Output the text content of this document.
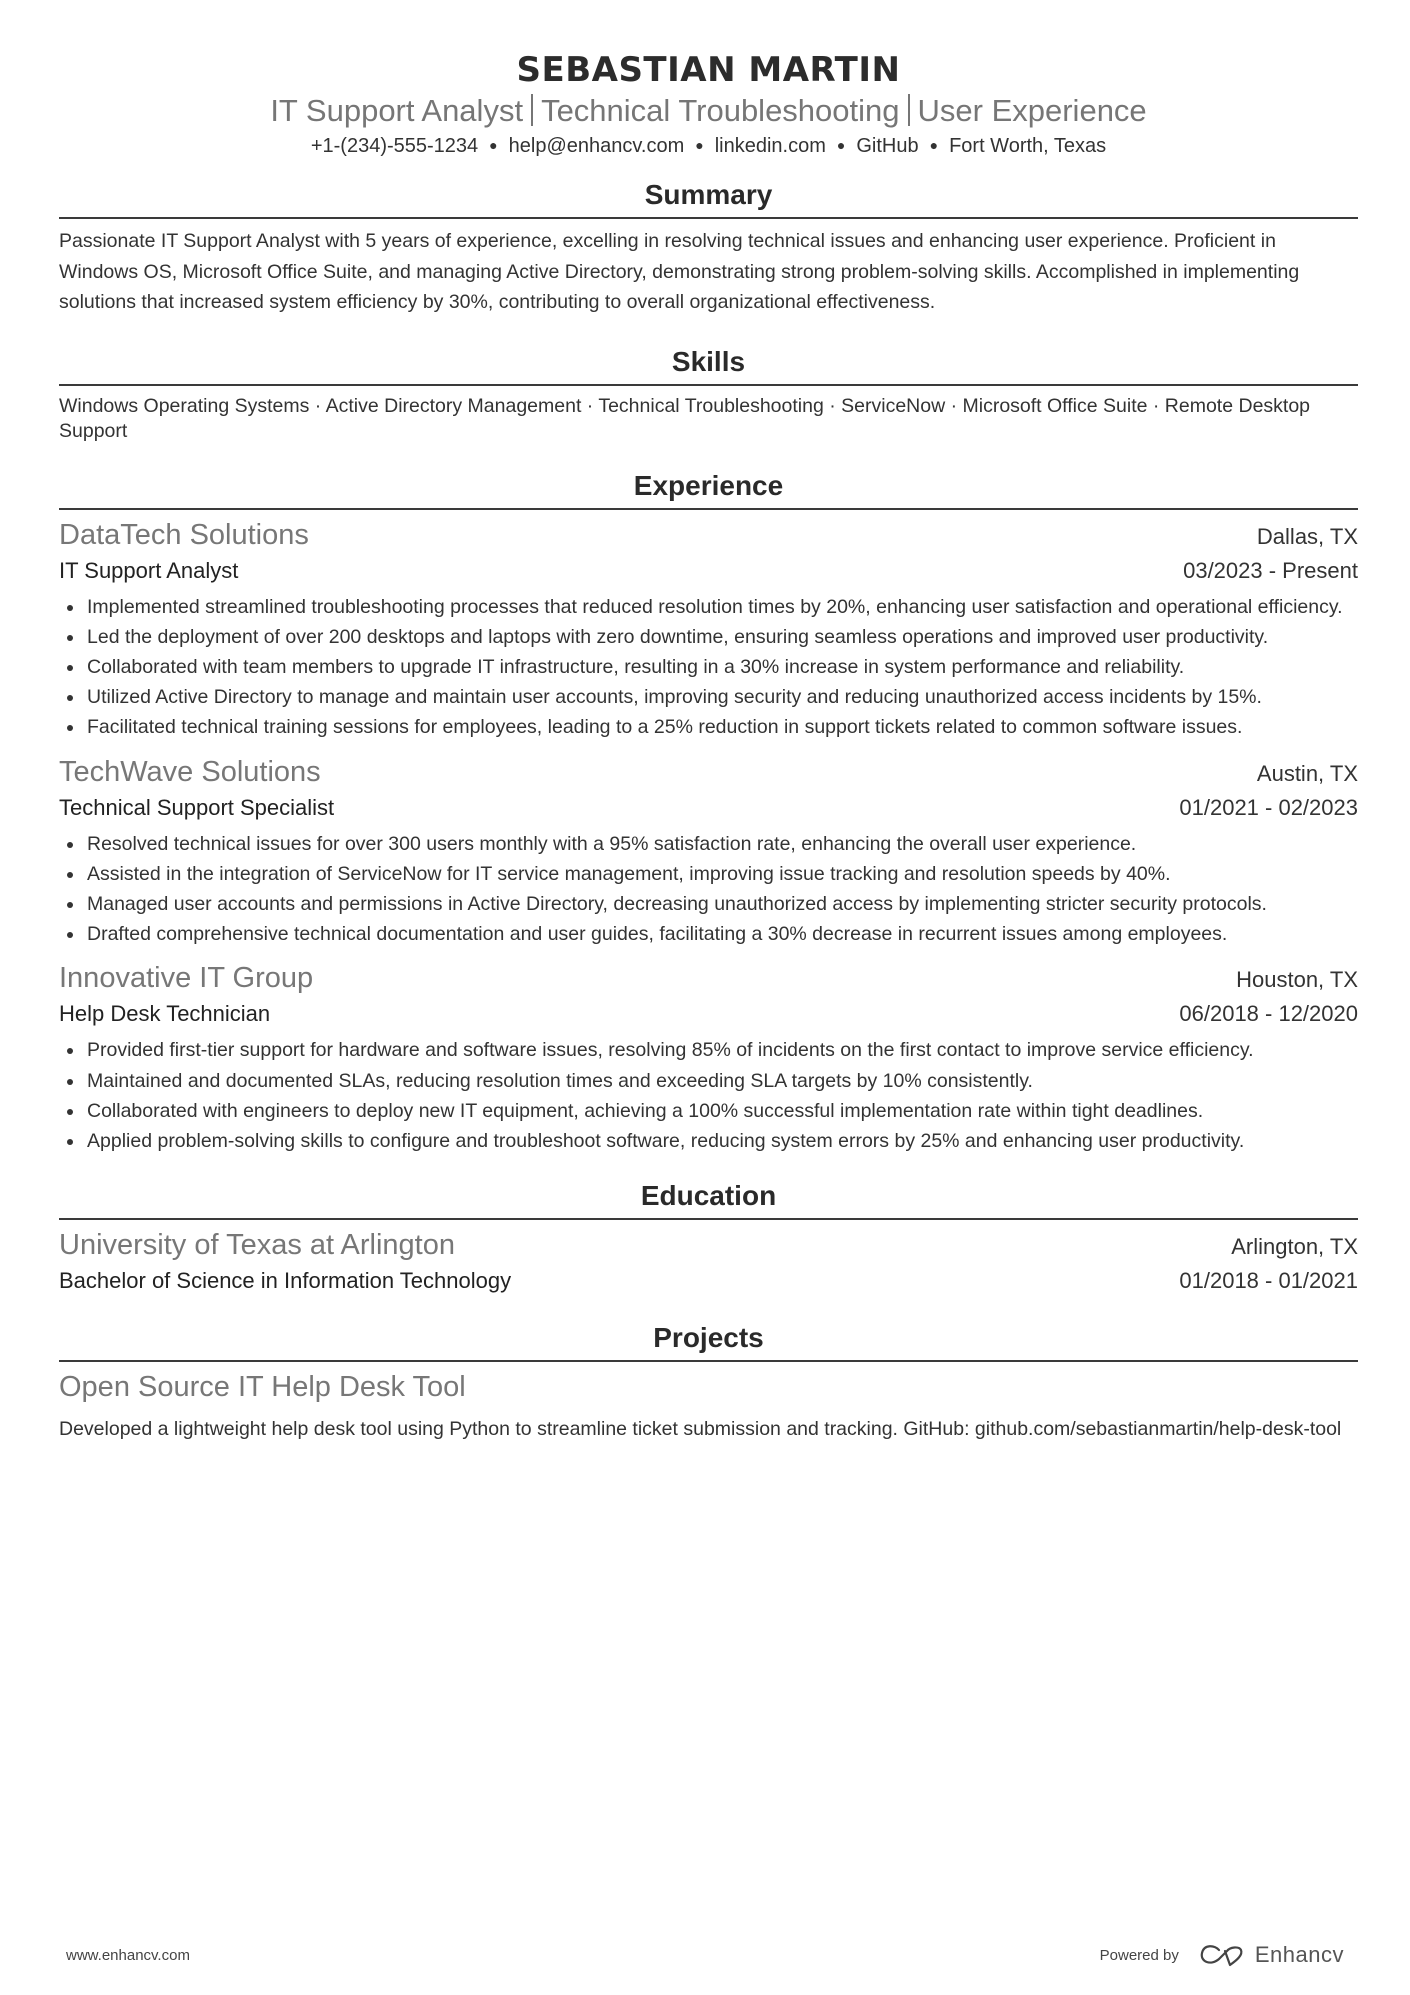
SEBASTIAN MARTIN
IT Support Analyst Technical Troubleshooting User Experience
+1-(234)-555-1234 ● help@enhancv.com ● linkedin.com ● GitHub ● Fort Worth, Texas
Summary

Passionate IT Support Analyst with 5 years of experience, excelling in resolving technical issues and enhancing user experience. Proficient in Windows OS, Microsoft Office Suite, and managing Active Directory, demonstrating strong problem-solving skills. Accomplished in implementing solutions that increased system efficiency by 30%, contributing to overall organizational effectiveness.

Skills

Windows Operating Systems · Active Directory Management · Technical Troubleshooting · ServiceNow · Microsoft Office Suite · Remote Desktop Support

Experience
DataTech Solutions	Dallas, TX
IT Support Analyst	03/2023 - Present
Implemented streamlined troubleshooting processes that reduced resolution times by 20%, enhancing user satisfaction and operational efficiency.
Led the deployment of over 200 desktops and laptops with zero downtime, ensuring seamless operations and improved user productivity.
Collaborated with team members to upgrade IT infrastructure, resulting in a 30% increase in system performance and reliability.
Utilized Active Directory to manage and maintain user accounts, improving security and reducing unauthorized access incidents by 15%.
Facilitated technical training sessions for employees, leading to a 25% reduction in support tickets related to common software issues.
TechWave Solutions	Austin, TX
Technical Support Specialist	01/2021 - 02/2023
Resolved technical issues for over 300 users monthly with a 95% satisfaction rate, enhancing the overall user experience.
Assisted in the integration of ServiceNow for IT service management, improving issue tracking and resolution speeds by 40%.
Managed user accounts and permissions in Active Directory, decreasing unauthorized access by implementing stricter security protocols.
Drafted comprehensive technical documentation and user guides, facilitating a 30% decrease in recurrent issues among employees.
Innovative IT Group	Houston, TX
Help Desk Technician	06/2018 - 12/2020
Provided first-tier support for hardware and software issues, resolving 85% of incidents on the first contact to improve service efficiency.
Maintained and documented SLAs, reducing resolution times and exceeding SLA targets by 10% consistently.
Collaborated with engineers to deploy new IT equipment, achieving a 100% successful implementation rate within tight deadlines.
Applied problem-solving skills to configure and troubleshoot software, reducing system errors by 25% and enhancing user productivity.
Education
University of Texas at Arlington	Arlington, TX
Bachelor of Science in Information Technology	01/2018 - 01/2021
Projects
Open Source IT Help Desk Tool

Developed a lightweight help desk tool using Python to streamline ticket submission and tracking. GitHub: github.com/sebastianmartin/help-desk-tool

www.enhancv.com	Powered by	Enhancv
